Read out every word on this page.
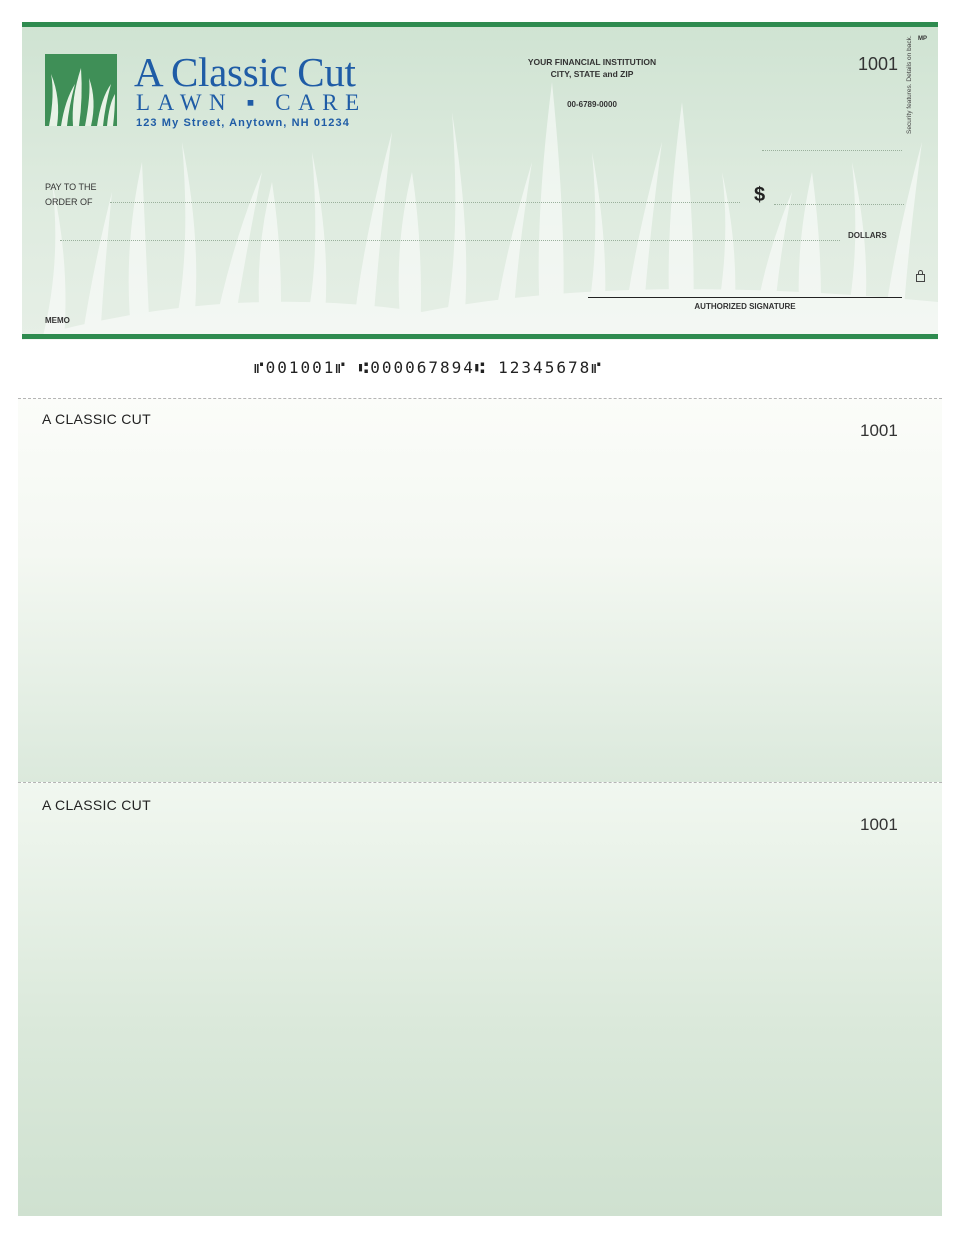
A Classic Cut
LAWN ▪ CARE
123 My Street, Anytown, NH 01234
YOUR FINANCIAL INSTITUTION
CITY, STATE and ZIP
00-6789-0000
1001
MP
PAY TO THE
ORDER OF	$
DOLLARS
Security features. Details on back.
AUTHORIZED SIGNATURE
MEMO
⑈001001⑈ ⑆000067894⑆ 12345678⑈
A CLASSIC CUT
1001
A CLASSIC CUT
1001
